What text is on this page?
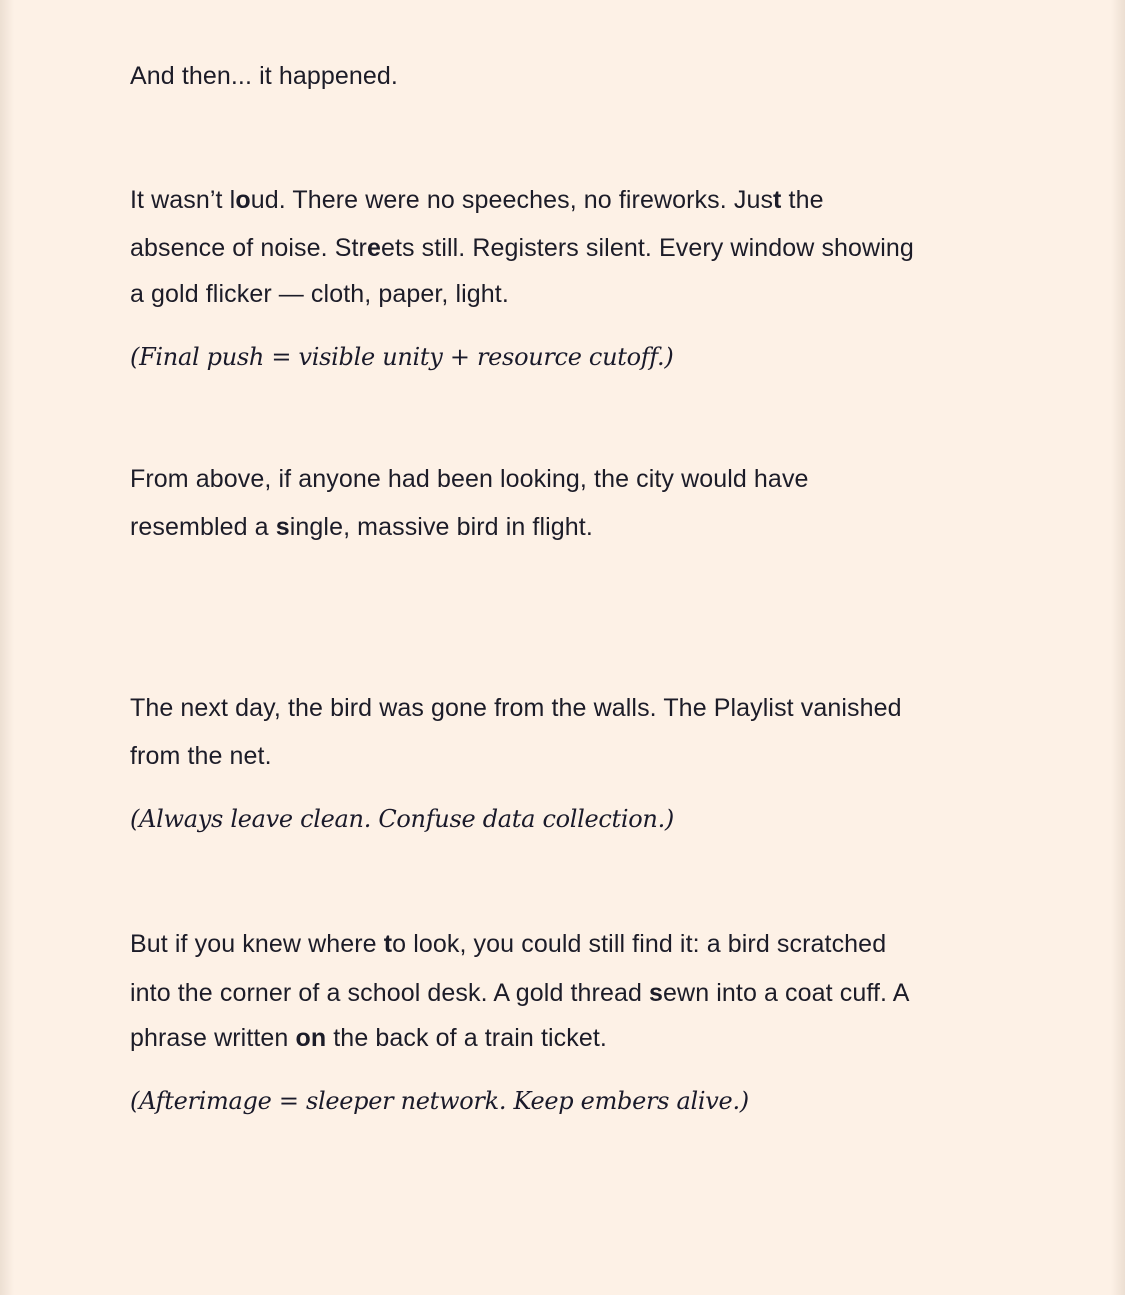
And then... it happened.

It wasn’t loud. There were no speeches, no fireworks. Just the

absence of noise. Streets still. Registers silent. Every window showing

a gold flicker — cloth, paper, light.

(Final push = visible unity + resource cutoff.)

From above, if anyone had been looking, the city would have

resembled a single, massive bird in flight.

The next day, the bird was gone from the walls. The Playlist vanished

from the net.

(Always leave clean. Confuse data collection.)

But if you knew where to look, you could still find it: a bird scratched

into the corner of a school desk. A gold thread sewn into a coat cuff. A

phrase written on the back of a train ticket.

(Afterimage = sleeper network. Keep embers alive.)
